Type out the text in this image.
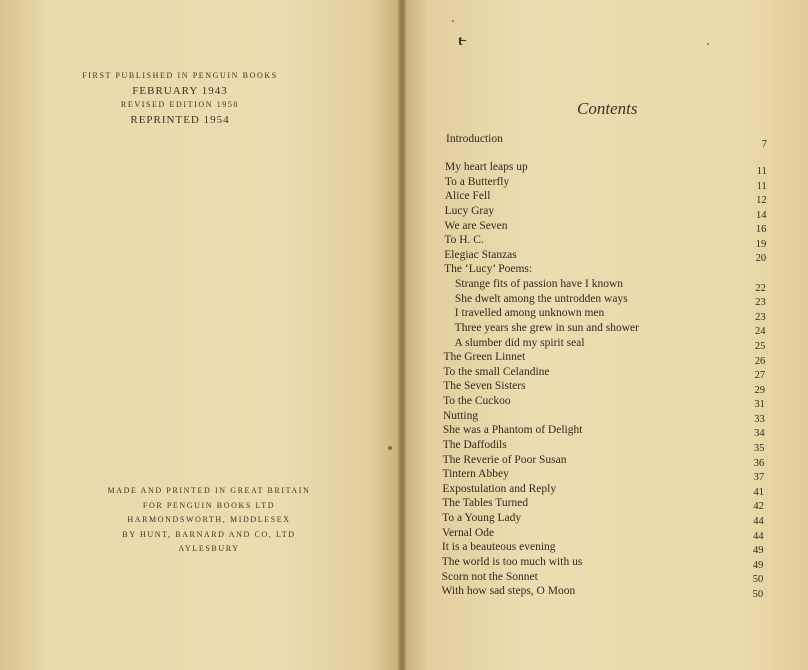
FIRST PUBLISHED IN PENGUIN BOOKS
FEBRUARY 1943
REVISED EDITION 1950
REPRINTED 1954
MADE AND PRINTED IN GREAT BRITAIN
FOR PENGUIN BOOKS LTD
HARMONDSWORTH, MIDDLESEX
BY HUNT, BARNARD AND CO, LTD
AYLESBURY
t̶
Contents
Introduction	7
My heart leaps up	11
To a Butterfly	11
Alice Fell	12
Lucy Gray	14
We are Seven	16
To H. C.	19
Elegiac Stanzas	20
The ‘Lucy’ Poems:
Strange fits of passion have I known	22
She dwelt among the untrodden ways	23
I travelled among unknown men	23
Three years she grew in sun and shower	24
A slumber did my spirit seal	25
The Green Linnet	26
To the small Celandine	27
The Seven Sisters	29
To the Cuckoo	31
Nutting	33
She was a Phantom of Delight	34
The Daffodils	35
The Reverie of Poor Susan	36
Tintern Abbey	37
Expostulation and Reply	41
The Tables Turned	42
To a Young Lady	44
Vernal Ode	44
It is a beauteous evening	49
The world is too much with us	49
Scorn not the Sonnet	50
With how sad steps, O Moon	50
